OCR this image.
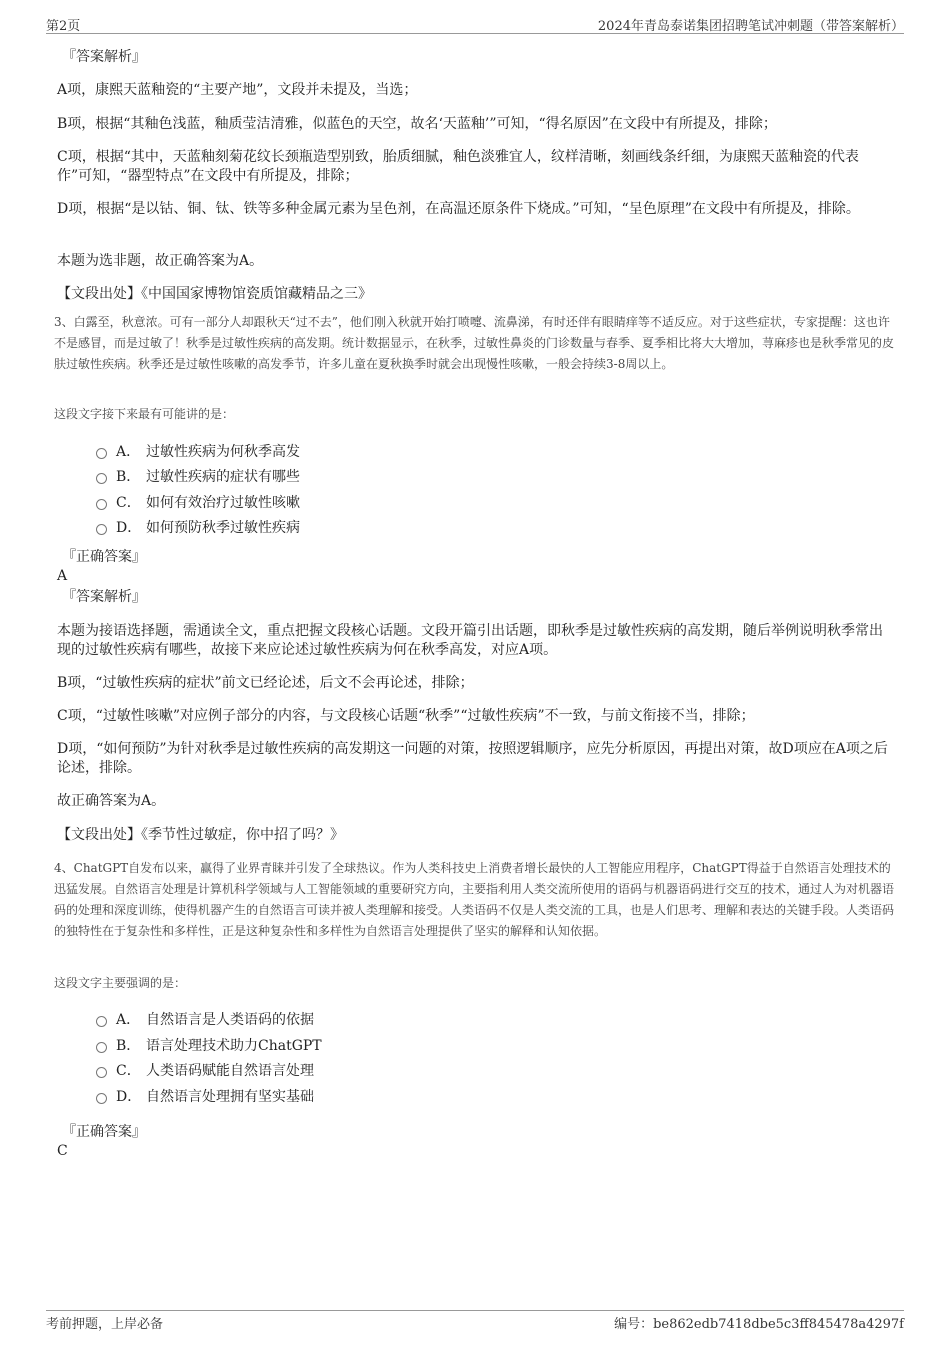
第2页	2024年青岛泰诺集团招聘笔试冲刺题（带答案解析）
『答案解析』
A项，康熙天蓝釉瓷的“主要产地”，文段并未提及，当选；
B项，根据“其釉色浅蓝，釉质莹洁清雅，似蓝色的天空，故名‘天蓝釉’”可知，“得名原因”在文段中有所提及，排除；
C项，根据“其中，天蓝釉刻菊花纹长颈瓶造型别致，胎质细腻，釉色淡雅宜人，纹样清晰，刻画线条纤细，为康熙天蓝釉瓷的代表作”可知，“器型特点”在文段中有所提及，排除；
D项，根据“是以钴、铜、钛、铁等多种金属元素为呈色剂，在高温还原条件下烧成。”可知，“呈色原理”在文段中有所提及，排除。
本题为选非题，故正确答案为A。
【文段出处】《中国国家博物馆瓷质馆藏精品之三》
3、白露至，秋意浓。可有一部分人却跟秋天“过不去”，他们刚入秋就开始打喷嚏、流鼻涕，有时还伴有眼睛痒等不适反应。对于这些症状，专家提醒：这也许不是感冒，而是过敏了！秋季是过敏性疾病的高发期。统计数据显示，在秋季，过敏性鼻炎的门诊数量与春季、夏季相比将大大增加，荨麻疹也是秋季常见的皮肤过敏性疾病。秋季还是过敏性咳嗽的高发季节，许多儿童在夏秋换季时就会出现慢性咳嗽，一般会持续3-8周以上。
这段文字接下来最有可能讲的是：
A． 过敏性疾病为何秋季高发
B． 过敏性疾病的症状有哪些
C． 如何有效治疗过敏性咳嗽
D． 如何预防秋季过敏性疾病
『正确答案』
A
『答案解析』
本题为接语选择题，需通读全文，重点把握文段核心话题。文段开篇引出话题，即秋季是过敏性疾病的高发期，随后举例说明秋季常出现的过敏性疾病有哪些，故接下来应论述过敏性疾病为何在秋季高发，对应A项。
B项，“过敏性疾病的症状”前文已经论述，后文不会再论述，排除；
C项，“过敏性咳嗽”对应例子部分的内容，与文段核心话题“秋季”“过敏性疾病”不一致，与前文衔接不当，排除；
D项，“如何预防”为针对秋季是过敏性疾病的高发期这一问题的对策，按照逻辑顺序，应先分析原因，再提出对策，故D项应在A项之后论述，排除。
故正确答案为A。
【文段出处】《季节性过敏症，你中招了吗？》
4、ChatGPT自发布以来，赢得了业界青睐并引发了全球热议。作为人类科技史上消费者增长最快的人工智能应用程序，ChatGPT得益于自然语言处理技术的迅猛发展。自然语言处理是计算机科学领域与人工智能领域的重要研究方向，主要指利用人类交流所使用的语码与机器语码进行交互的技术，通过人为对机器语码的处理和深度训练，使得机器产生的自然语言可读并被人类理解和接受。人类语码不仅是人类交流的工具，也是人们思考、理解和表达的关键手段。人类语码的独特性在于复杂性和多样性，正是这种复杂性和多样性为自然语言处理提供了坚实的解释和认知依据。
这段文字主要强调的是：
A． 自然语言是人类语码的依据
B． 语言处理技术助力ChatGPT
C． 人类语码赋能自然语言处理
D． 自然语言处理拥有坚实基础
『正确答案』
C
考前押题，上岸必备	编号：be862edb7418dbe5c3ff845478a4297f
